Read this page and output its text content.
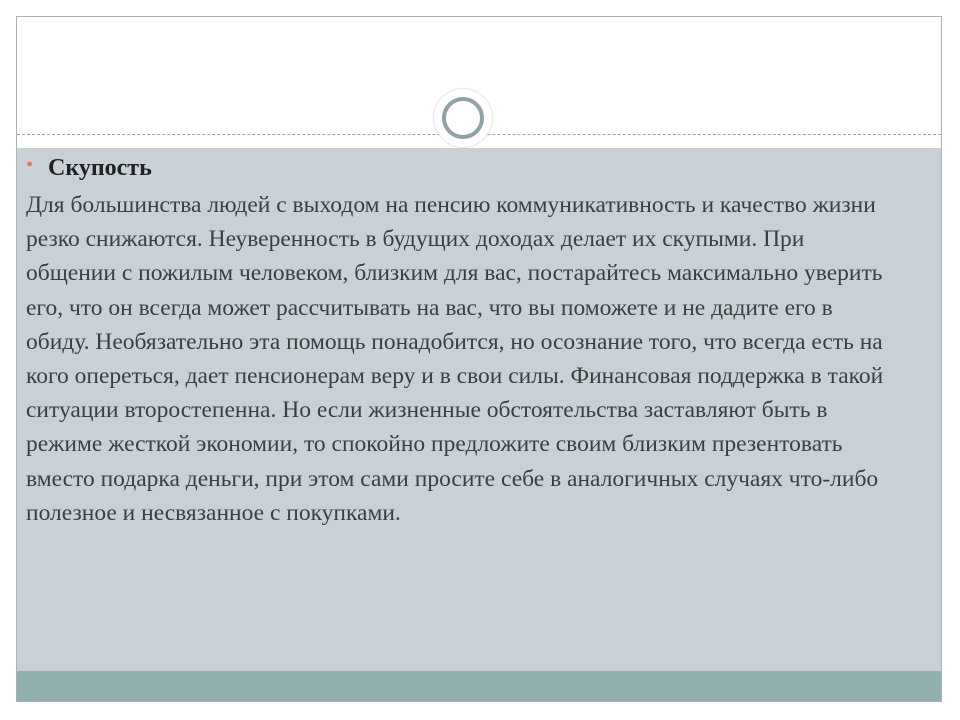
• Скупость

Для большинства людей с выходом на пенсию коммуникативность и качество жизни резко снижаются. Неуверенность в будущих доходах делает их скупыми. При общении с пожилым человеком, близким для вас, постарайтесь максимально уверить его, что он всегда может рассчитывать на вас, что вы поможете и не дадите его в обиду. Необязательно эта помощь понадобится, но осознание того, что всегда есть на кого опереться, дает пенсионерам веру и в свои силы. Финансовая поддержка в такой ситуации второстепенна. Но если жизненные обстоятельства заставляют быть в режиме жесткой экономии, то спокойно предложите своим близким презентовать вместо подарка деньги, при этом сами просите себе в аналогичных случаях что-либо полезное и несвязанное с покупками.
